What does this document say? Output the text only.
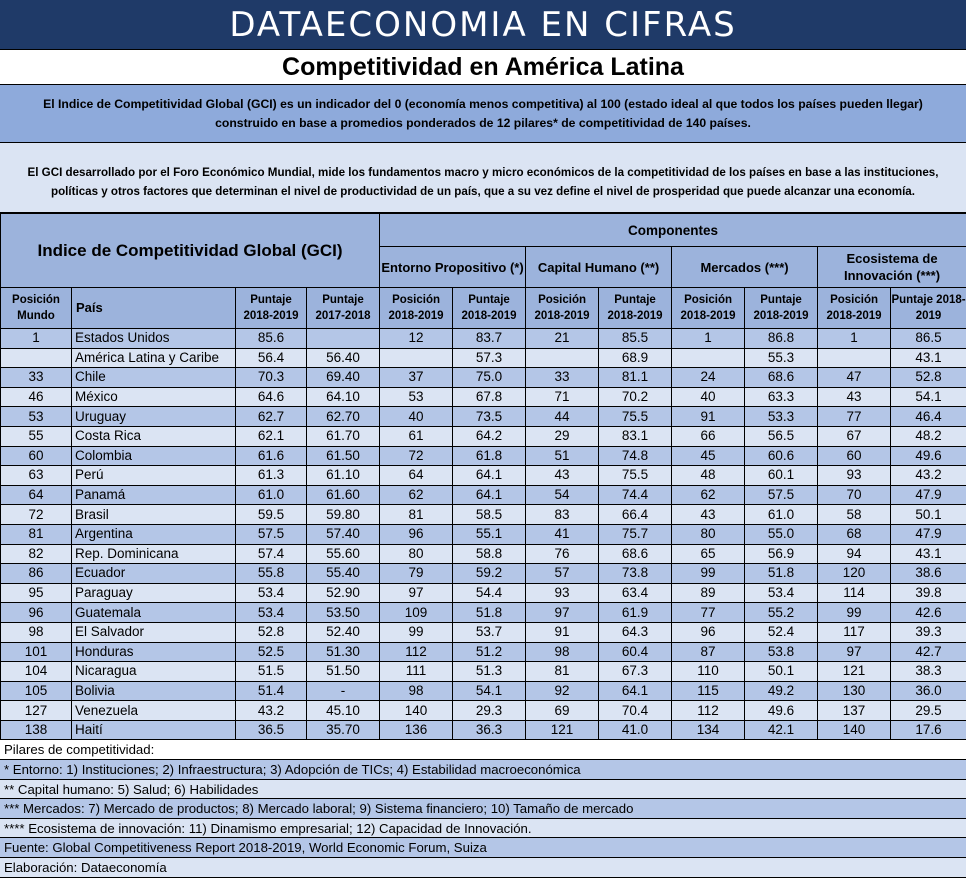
DATAECONOMIA EN CIFRAS
Competitividad en América Latina
El Indice de Competitividad Global (GCI) es un indicador del 0 (economía menos competitiva) al 100 (estado ideal al que todos los países pueden llegar) construido en base a promedios ponderados de 12 pilares* de competitividad de 140 países.
El GCI desarrollado por el Foro Económico Mundial, mide los fundamentos macro y micro económicos de la competitividad de los países en base a las instituciones, políticas y otros factores que determinan el nivel de productividad de un país, que a su vez define el nivel de prosperidad que puede alcanzar una economía.
Indice de Competitividad Global (GCI)				Componentes							
				Entorno Propositivo (*)		Capital Humano (**)		Mercados (***)		Ecosistema de Innovación (***)	
Posición Mundo	País	Puntaje 2018-2019	Puntaje 2017-2018	Posición 2018-2019	Puntaje 2018-2019	Posición 2018-2019	Puntaje 2018-2019	Posición 2018-2019	Puntaje 2018-2019	Posición 2018-2019	Puntaje 2018-2019
1	Estados Unidos	85.6		12	83.7	21	85.5	1	86.8	1	86.5
	América Latina y Caribe	56.4	56.40		57.3		68.9		55.3		43.1
33	Chile	70.3	69.40	37	75.0	33	81.1	24	68.6	47	52.8
46	México	64.6	64.10	53	67.8	71	70.2	40	63.3	43	54.1
53	Uruguay	62.7	62.70	40	73.5	44	75.5	91	53.3	77	46.4
55	Costa Rica	62.1	61.70	61	64.2	29	83.1	66	56.5	67	48.2
60	Colombia	61.6	61.50	72	61.8	51	74.8	45	60.6	60	49.6
63	Perú	61.3	61.10	64	64.1	43	75.5	48	60.1	93	43.2
64	Panamá	61.0	61.60	62	64.1	54	74.4	62	57.5	70	47.9
72	Brasil	59.5	59.80	81	58.5	83	66.4	43	61.0	58	50.1
81	Argentina	57.5	57.40	96	55.1	41	75.7	80	55.0	68	47.9
82	Rep. Dominicana	57.4	55.60	80	58.8	76	68.6	65	56.9	94	43.1
86	Ecuador	55.8	55.40	79	59.2	57	73.8	99	51.8	120	38.6
95	Paraguay	53.4	52.90	97	54.4	93	63.4	89	53.4	114	39.8
96	Guatemala	53.4	53.50	109	51.8	97	61.9	77	55.2	99	42.6
98	El Salvador	52.8	52.40	99	53.7	91	64.3	96	52.4	117	39.3
101	Honduras	52.5	51.30	112	51.2	98	60.4	87	53.8	97	42.7
104	Nicaragua	51.5	51.50	111	51.3	81	67.3	110	50.1	121	38.3
105	Bolivia	51.4	-	98	54.1	92	64.1	115	49.2	130	36.0
127	Venezuela	43.2	45.10	140	29.3	69	70.4	112	49.6	137	29.5
138	Haití	36.5	35.70	136	36.3	121	41.0	134	42.1	140	17.6
Pilares de competitividad:
* Entorno: 1) Instituciones; 2) Infraestructura; 3) Adopción de TICs; 4) Estabilidad macroeconómica
** Capital humano: 5) Salud; 6) Habilidades
*** Mercados: 7) Mercado de productos; 8) Mercado laboral; 9) Sistema financiero; 10) Tamaño de mercado
**** Ecosistema de innovación: 11) Dinamismo empresarial; 12) Capacidad de Innovación.
Fuente: Global Competitiveness Report 2018-2019, World Economic Forum, Suiza
Elaboración: Dataeconomía
